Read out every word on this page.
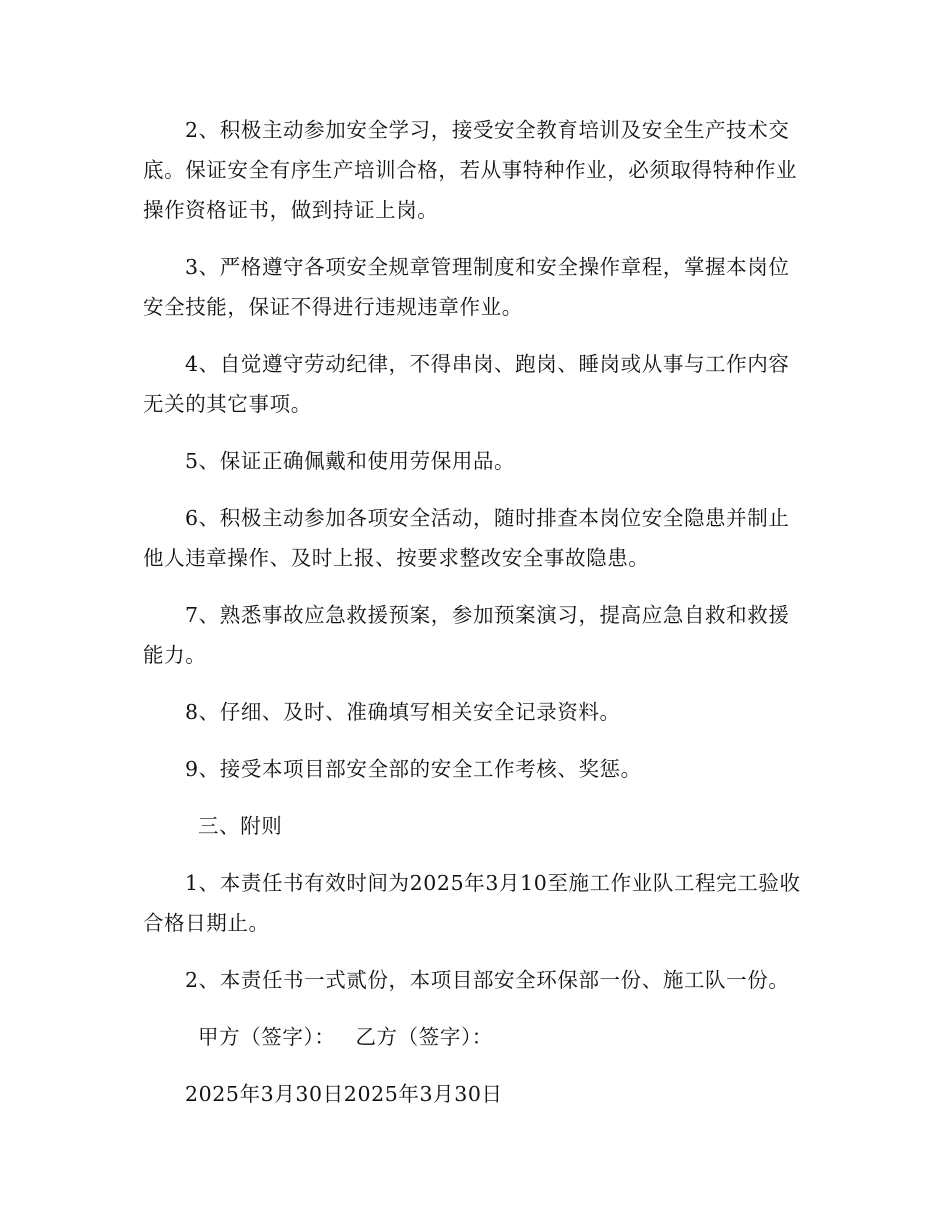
2、积极主动参加安全学习，接受安全教育培训及安全生产技术交底。保证安全有序生产培训合格，若从事特种作业，必须取得特种作业操作资格证书，做到持证上岗。

3、严格遵守各项安全规章管理制度和安全操作章程，掌握本岗位安全技能，保证不得进行违规违章作业。

4、自觉遵守劳动纪律，不得串岗、跑岗、睡岗或从事与工作内容无关的其它事项。

5、保证正确佩戴和使用劳保用品。

6、积极主动参加各项安全活动，随时排查本岗位安全隐患并制止他人违章操作、及时上报、按要求整改安全事故隐患。

7、熟悉事故应急救援预案，参加预案演习，提高应急自救和救援能力。

8、仔细、及时、准确填写相关安全记录资料。

9、接受本项目部安全部的安全工作考核、奖惩。

三、附则

1、本责任书有效时间为2025年3月10至施工作业队工程完工验收合格日期止。

2、本责任书一式贰份，本项目部安全环保部一份、施工队一份。

甲方（签字）： 乙方（签字）：

2025年3月30日2025年3月30日
